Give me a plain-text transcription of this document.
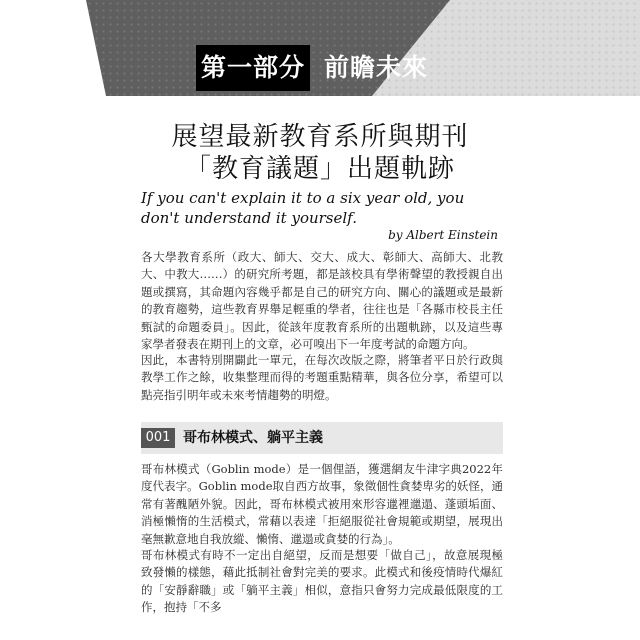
第一部分 前瞻未來
展望最新教育系所與期刊
「教育議題」出題軌跡
If you can't explain it to a six year old, you don't understand it yourself.
by Albert Einstein
各大學教育系所（政大、師大、交大、成大、彰師大、高師大、北教大、中教大……）的研究所考題，都是該校具有學術聲望的教授親自出題或撰寫，其命題內容幾乎都是自己的研究方向、關心的議題或是最新的教育趨勢，這些教育界舉足輕重的學者，往往也是「各縣市校長主任甄試的命題委員」。因此，從該年度教育系所的出題軌跡，以及這些專家學者發表在期刊上的文章，必可嗅出下一年度考試的命題方向。
因此，本書特別開闢此一單元，在每次改版之際，將筆者平日於行政與教學工作之餘，收集整理而得的考題重點精華，與各位分享，希望可以點亮指引明年或未來考情趨勢的明燈。
001 哥布林模式、躺平主義
哥布林模式（Goblin mode）是一個俚語，獲選網友牛津字典2022年度代表字。Goblin mode取自西方故事，象徵個性貪婪卑劣的妖怪，通常有著醜陋外貌。因此，哥布林模式被用來形容邋裡邋遢、蓬頭垢面、消極懶惰的生活模式，常藉以表達「拒絕服從社會規範或期望，展現出毫無歉意地自我放縱、懶惰、邋遢或貪婪的行為」。
哥布林模式有時不一定出自絕望，反而是想要「做自己」，故意展現極致發懶的樣態，藉此抵制社會對完美的要求。此模式和後疫情時代爆紅的「安靜辭職」或「躺平主義」相似，意指只會努力完成最低限度的工作，抱持「不多
